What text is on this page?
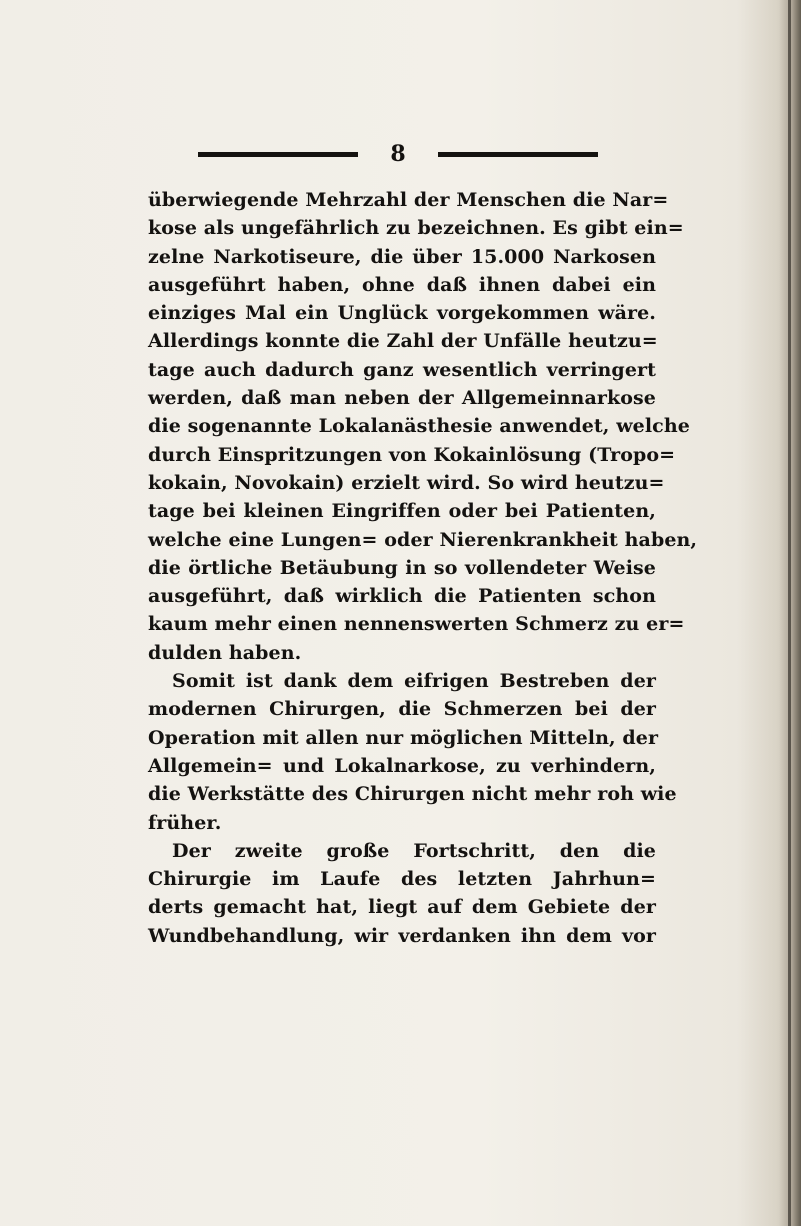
8
überwiegende Mehrzahl der Menschen die Nar=
kose als ungefährlich zu bezeichnen. Es gibt ein=
zelne Narkotiseure, die über 15.000 Narkosen
ausgeführt haben, ohne daß ihnen dabei ein
einziges Mal ein Unglück vorgekommen wäre.
Allerdings konnte die Zahl der Unfälle heutzu=
tage auch dadurch ganz wesentlich verringert
werden, daß man neben der Allgemeinnarkose
die sogenannte Lokalanästhesie anwendet, welche
durch Einspritzungen von Kokainlösung (Tropo=
kokain, Novokain) erzielt wird. So wird heutzu=
tage bei kleinen Eingriffen oder bei Patienten,
welche eine Lungen= oder Nierenkrankheit haben,
die örtliche Betäubung in so vollendeter Weise
ausgeführt, daß wirklich die Patienten schon
kaum mehr einen nennenswerten Schmerz zu er=
dulden haben.
Somit ist dank dem eifrigen Bestreben der
modernen Chirurgen, die Schmerzen bei der
Operation mit allen nur möglichen Mitteln, der
Allgemein= und Lokalnarkose, zu verhindern,
die Werkstätte des Chirurgen nicht mehr roh wie
früher.
Der zweite große Fortschritt, den die
Chirurgie im Laufe des letzten Jahrhun=
derts gemacht hat, liegt auf dem Gebiete der
Wundbehandlung, wir verdanken ihn dem vor
